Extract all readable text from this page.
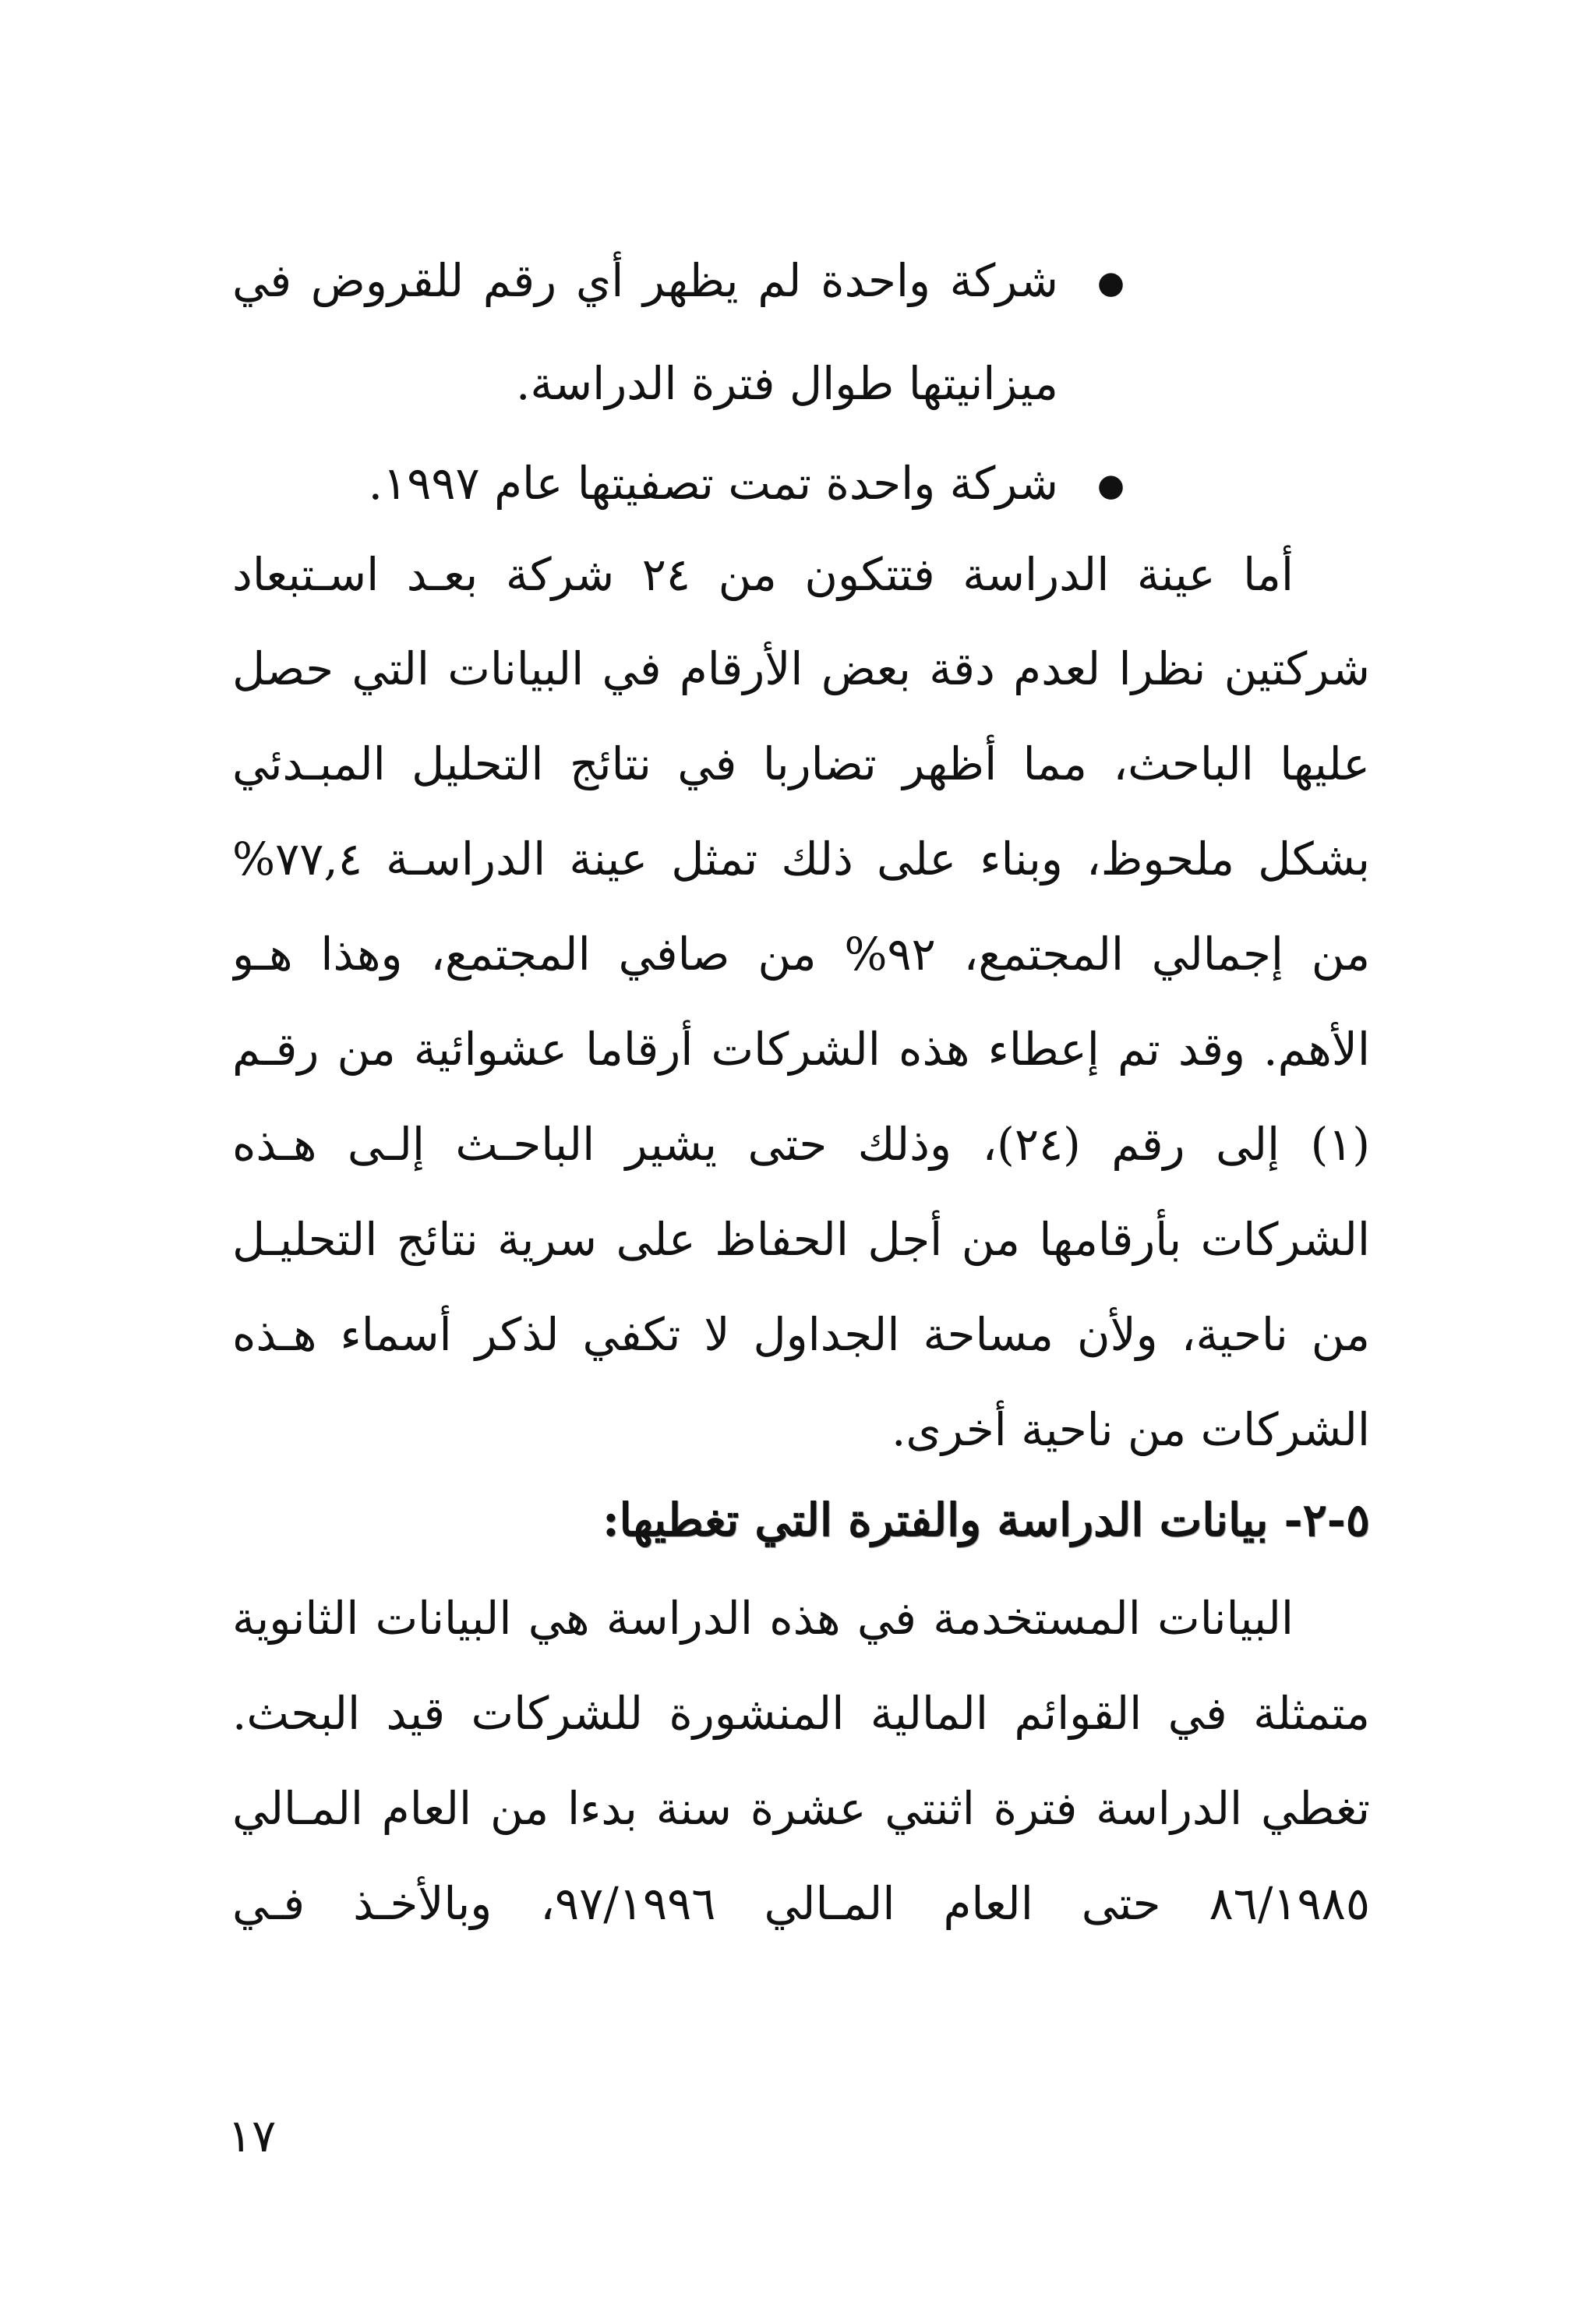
●
شركة واحدة لم يظهر أي رقم للقروض في
ميزانيتها طوال فترة الدراسة.
●
شركة واحدة تمت تصفيتها عام ١٩٩٧.
أما عينة الدراسة فتتكون من ٢٤ شركة بعـد اسـتبعاد
شركتين نظرا لعدم دقة بعض الأرقام في البيانات التي حصل
عليها الباحث، مما أظهر تضاربا في نتائج التحليل المبـدئي
بشكل ملحوظ، وبناء على ذلك تمثل عينة الدراسـة ٧٧,٤%
من إجمالي المجتمع، ٩٢% من صافي المجتمع، وهذا هـو
الأهم. وقد تم إعطاء هذه الشركات أرقاما عشوائية من رقـم
(١) إلى رقم (٢٤)، وذلك حتى يشير الباحـث إلـى هـذه
الشركات بأرقامها من أجل الحفاظ على سرية نتائج التحليـل
من ناحية، ولأن مساحة الجداول لا تكفي لذكر أسماء هـذه
الشركات من ناحية أخرى.
٥-٢- بيانات الدراسة والفترة التي تغطيها:
البيانات المستخدمة في هذه الدراسة هي البيانات الثانوية
متمثلة في القوائم المالية المنشورة للشركات قيد البحث.
تغطي الدراسة فترة اثنتي عشرة سنة بدءا من العام المـالي
٨٦/١٩٨٥ حتى العام المـالي ٩٧/١٩٩٦، وبالأخـذ فـي
١٧
